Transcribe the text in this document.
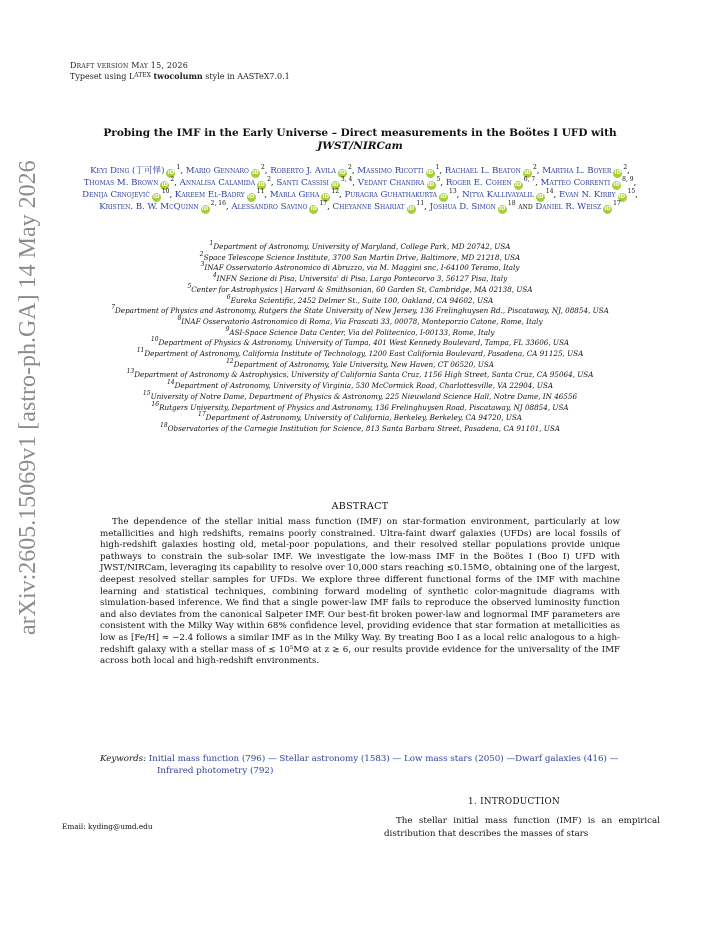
arXiv:2605.15069v1 [astro-ph.GA] 14 May 2026
Draft version May 15, 2026
Typeset using $L^{ATEX}$ twocolumn style in AASTeX7.0.1
Probing the IMF in the Early Universe – Direct measurements in the Boötes I UFD with
JWST/NIRCam
Keyi Ding (丁可怿) $iD^1$, Mario Gennaro $iD^2$, Roberto J. Avila $iD^2$, Massimo Ricotti $iD^1$, Rachael L. Beaton $iD^2$, Martha L. Boyer $iD^2$, Thomas M. Brown $iD^2$, Annalisa Calamida $iD^2$, Santi Cassisi iD$^{3, 4}$, Vedant Chandra $iD^5$, Roger E. Cohen iD$^{6, 7}$, Matteo Correnti iD$^{8, 9}$, Denija Crnojević $iD^{10}$, Kareem El-Badry $iD^{11}$, Marla Geha $iD^{12}$, Puragra Guhathakurta $iD^{13}$, Nitya Kallivayalil $iD^{14}$, Evan N. Kirby $iD^{15}$, Kristen. B. W. McQuinn iD$^{2, 16}$, Alessandro Savino $iD^{17}$, Cheyanne Shariat $iD^{11}$, Joshua D. Simon $iD^{18}$ and Daniel R. Weisz $iD^{17}$
$^1$Department of Astronomy, University of Maryland, College Park, MD 20742, USA
$^2$Space Telescope Science Institute, 3700 San Martin Drive, Baltimore, MD 21218, USA
$^3$INAF Osservatorio Astronomico di Abruzzo, via M. Maggini snc, I-64100 Teramo, Italy
$^4$INFN Sezione di Pisa, Universita' di Pisa, Largo Pontecorvo 3, 56127 Pisa, Italy
$^5$Center for Astrophysics | Harvard & Smithsonian, 60 Garden St, Cambridge, MA 02138, USA
$^6$Eureka Scientific, 2452 Delmer St., Suite 100, Oakland, CA 94602, USA
$^7$Department of Physics and Astronomy, Rutgers the State University of New Jersey, 136 Frelinghuysen Rd., Piscataway, NJ, 08854, USA
$^8$INAF Osservatorio Astronomico di Roma, Via Frascati 33, 00078, Monteporzio Catone, Rome, Italy
$^9$ASI-Space Science Data Center, Via del Politecnico, I-00133, Rome, Italy
$^{10}$Department of Physics & Astronomy, University of Tampa, 401 West Kennedy Boulevard, Tampa, FL 33606, USA
$^{11}$Department of Astronomy, California Institute of Technology, 1200 East California Boulevard, Pasadena, CA 91125, USA
$^{12}$Department of Astronomy, Yale University, New Haven, CT 06520, USA
$^{13}$Department of Astronomy & Astrophysics, University of California Santa Cruz, 1156 High Street, Santa Cruz, CA 95064, USA
$^{14}$Department of Astronomy, University of Virginia, 530 McCormick Road, Charlottesville, VA 22904, USA
$^{15}$University of Notre Dame, Department of Physics & Astronomy, 225 Nieuwland Science Hall, Notre Dame, IN 46556
$^{16}$Rutgers University, Department of Physics and Astronomy, 136 Frelinghuysen Road, Piscataway, NJ 08854, USA
$^{17}$Department of Astronomy, University of California, Berkeley, Berkeley, CA 94720, USA
$^{18}$Observatories of the Carnegie Institution for Science, 813 Santa Barbara Street, Pasadena, CA 91101, USA
ABSTRACT
The dependence of the stellar initial mass function (IMF) on star-formation environment, particularly at low metallicities and high redshifts, remains poorly constrained. Ultra-faint dwarf galaxies (UFDs) are local fossils of high-redshift galaxies hosting old, metal-poor populations, and their resolved stellar populations provide unique pathways to constrain the sub-solar IMF. We investigate the low-mass IMF in the Boötes I (Boo I) UFD with JWST/NIRCam, leveraging its capability to resolve over 10,000 stars reaching ≲0.15M⊙, obtaining one of the largest, deepest resolved stellar samples for UFDs. We explore three different functional forms of the IMF with machine learning and statistical techniques, combining forward modeling of synthetic color-magnitude diagrams with simulation-based inference. We find that a single power-law IMF fails to reproduce the observed luminosity function and also deviates from the canonical Salpeter IMF. Our best-fit broken power-law and lognormal IMF parameters are consistent with the Milky Way within 68% confidence level, providing evidence that star formation at metallicities as low as [Fe/H] ≈ −2.4 follows a similar IMF as in the Milky Way. By treating Boo I as a local relic analogous to a high-redshift galaxy with a stellar mass of ≲ 10⁵M⊙ at z ≳ 6, our results provide evidence for the universality of the IMF across both local and high-redshift environments.
Keywords: Initial mass function (796) — Stellar astronomy (1583) — Low mass stars (2050) —Dwarf galaxies (416) —Infrared photometry (792)
1. INTRODUCTION
The stellar initial mass function (IMF) is an empirical distribution that describes the masses of stars
Email: kyding@umd.edu
